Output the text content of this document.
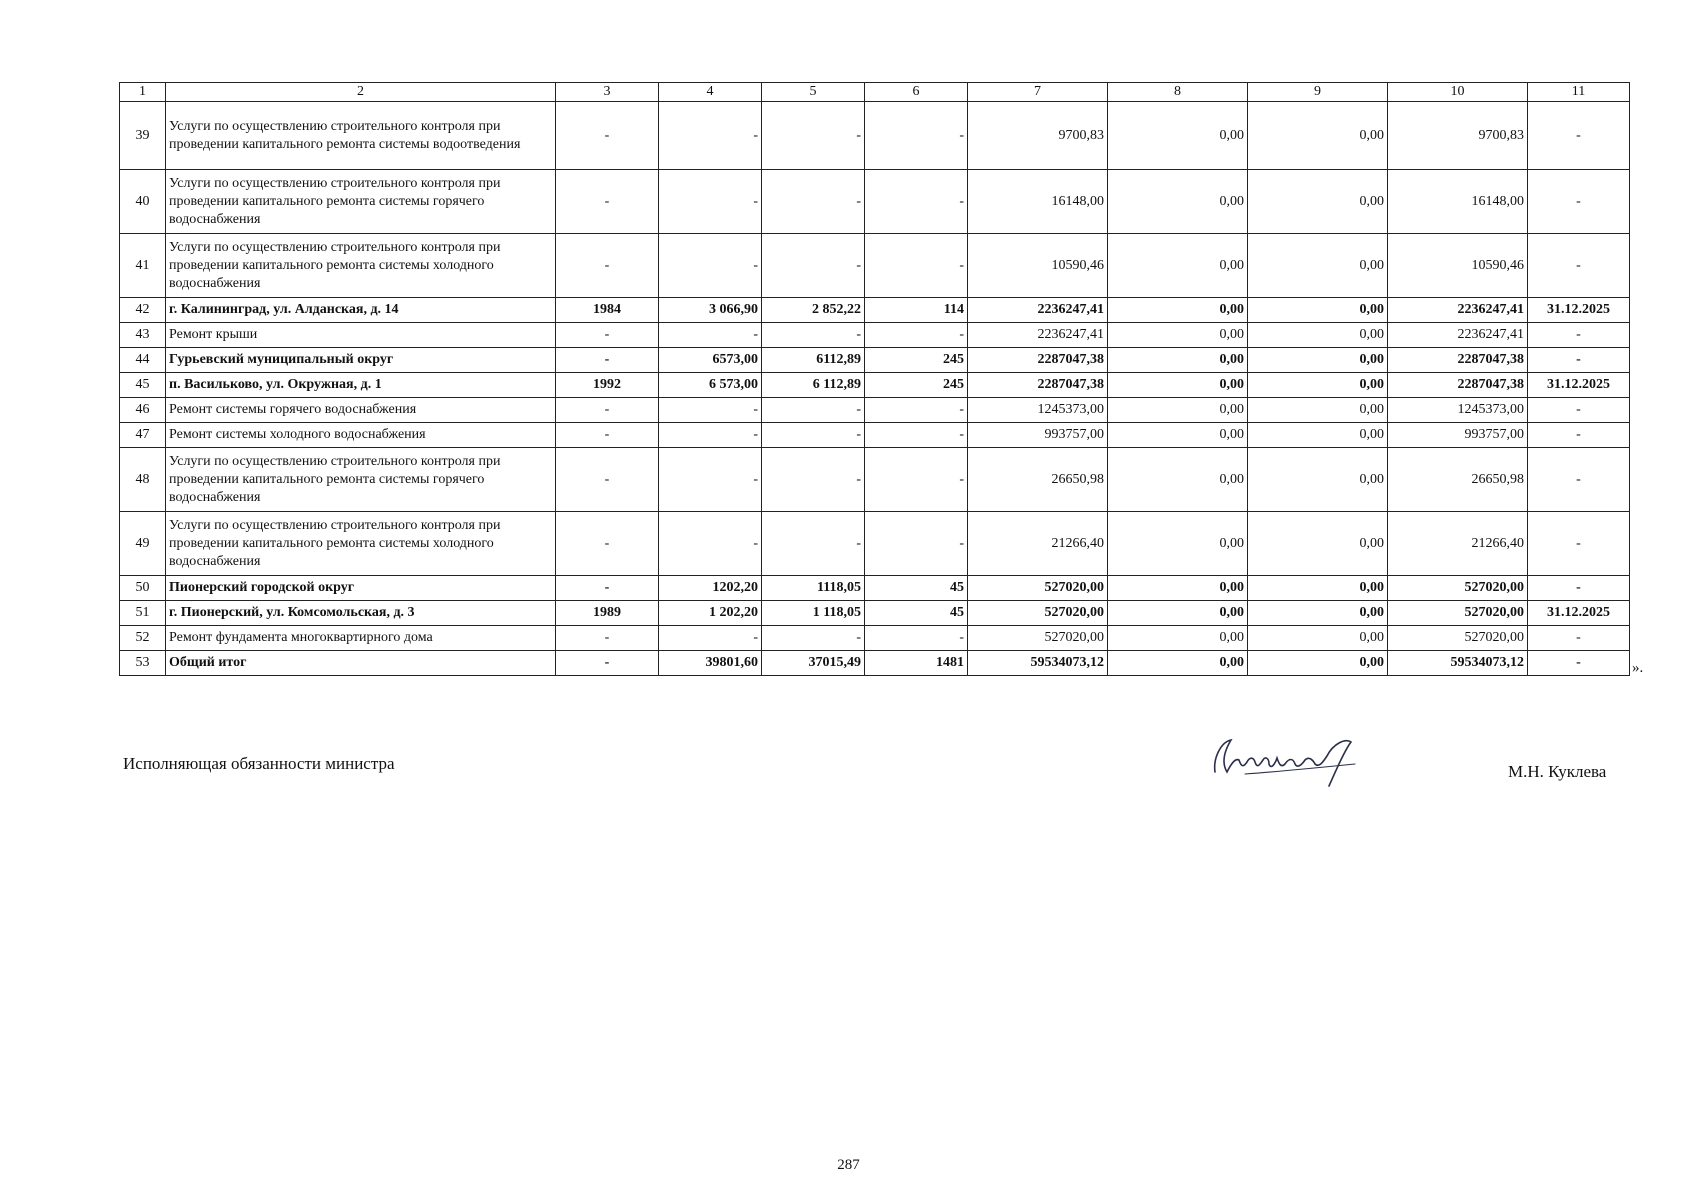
1	2	3	4	5	6	7	8	9	10	11
39	Услуги по осуществлению строительного контроля при проведении капитального ремонта системы водоотведения	-	-	-	-	9700,83	0,00	0,00	9700,83	-
40	Услуги по осуществлению строительного контроля при проведении капитального ремонта системы горячего водоснабжения	-	-	-	-	16148,00	0,00	0,00	16148,00	-
41	Услуги по осуществлению строительного контроля при проведении капитального ремонта системы холодного водоснабжения	-	-	-	-	10590,46	0,00	0,00	10590,46	-
42	г. Калининград, ул. Алданская, д. 14	1984	3 066,90	2 852,22	114	2236247,41	0,00	0,00	2236247,41	31.12.2025
43	Ремонт крыши	-	-	-	-	2236247,41	0,00	0,00	2236247,41	-
44	Гурьевский муниципальный округ	-	6573,00	6112,89	245	2287047,38	0,00	0,00	2287047,38	-
45	п. Васильково, ул. Окружная, д. 1	1992	6 573,00	6 112,89	245	2287047,38	0,00	0,00	2287047,38	31.12.2025
46	Ремонт системы горячего водоснабжения	-	-	-	-	1245373,00	0,00	0,00	1245373,00	-
47	Ремонт системы холодного водоснабжения	-	-	-	-	993757,00	0,00	0,00	993757,00	-
48	Услуги по осуществлению строительного контроля при проведении капитального ремонта системы горячего водоснабжения	-	-	-	-	26650,98	0,00	0,00	26650,98	-
49	Услуги по осуществлению строительного контроля при проведении капитального ремонта системы холодного водоснабжения	-	-	-	-	21266,40	0,00	0,00	21266,40	-
50	Пионерский городской округ	-	1202,20	1118,05	45	527020,00	0,00	0,00	527020,00	-
51	г. Пионерский, ул. Комсомольская, д. 3	1989	1 202,20	1 118,05	45	527020,00	0,00	0,00	527020,00	31.12.2025
52	Ремонт фундамента многоквартирного дома	-	-	-	-	527020,00	0,00	0,00	527020,00	-
53	Общий итог	-	39801,60	37015,49	1481	59534073,12	0,00	0,00	59534073,12	-	».
Исполняющая обязанности министра	М.Н. Куклева
287
